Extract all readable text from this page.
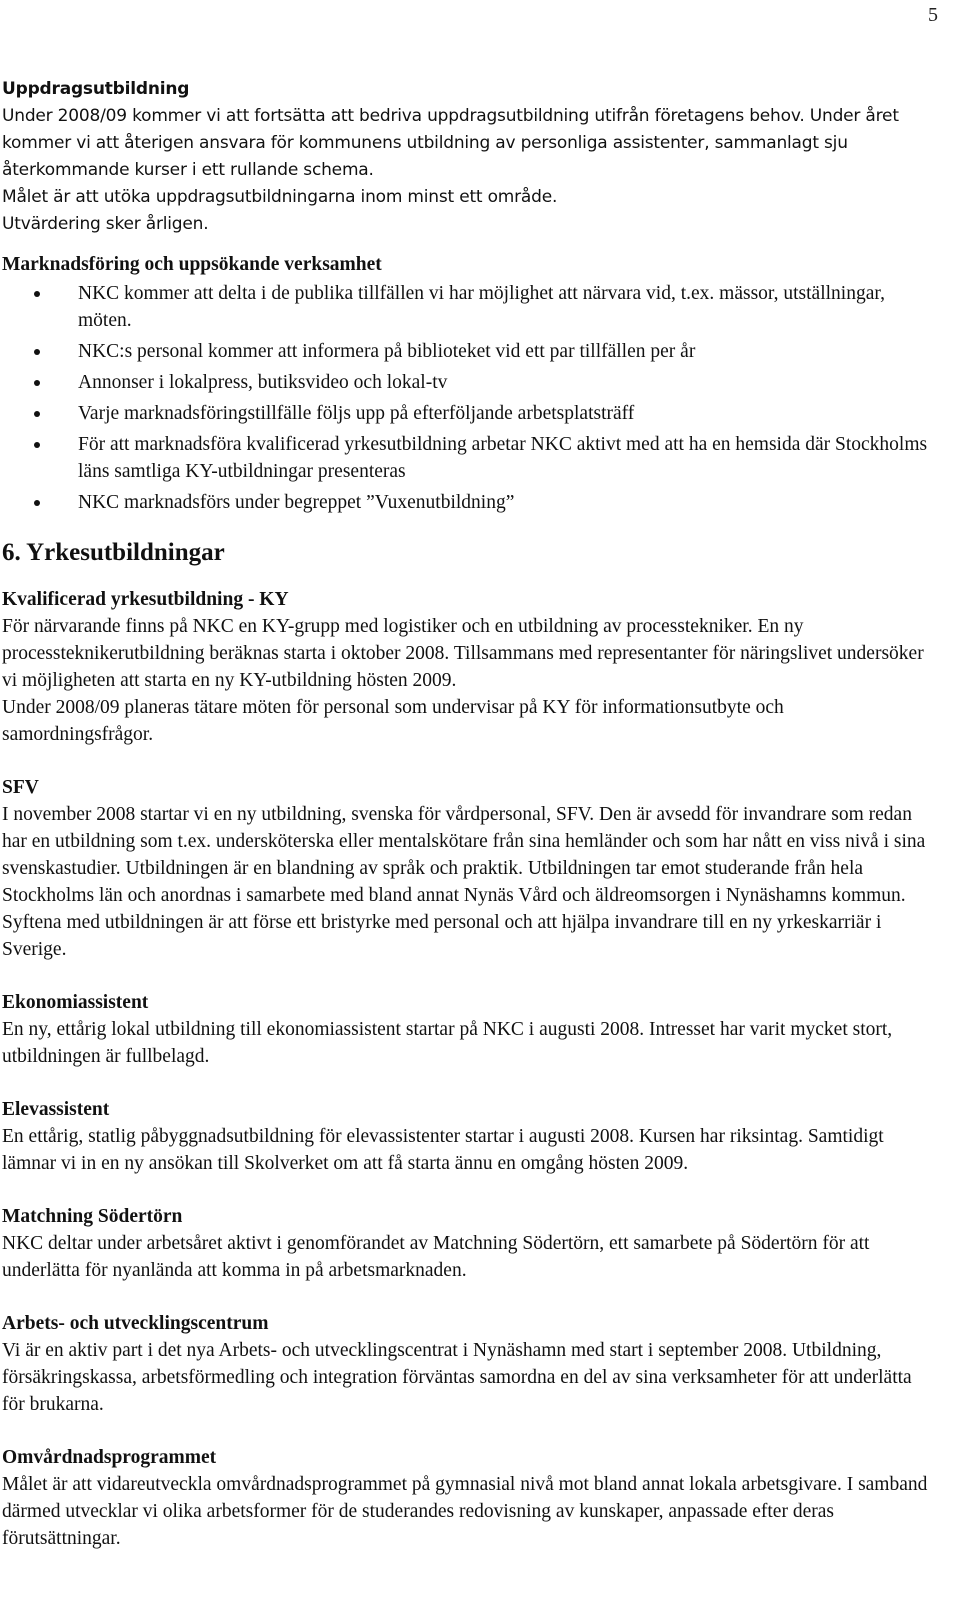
5
Uppdragsutbildning

Under 2008/09 kommer vi att fortsätta att bedriva uppdragsutbildning utifrån företagens behov. Under året kommer vi att återigen ansvara för kommunens utbildning av personliga assistenter, sammanlagt sju återkommande kurser i ett rullande schema.

Målet är att utöka uppdragsutbildningarna inom minst ett område.

Utvärdering sker årligen.

Marknadsföring och uppsökande verksamhet
NKC kommer att delta i de publika tillfällen vi har möjlighet att närvara vid, t.ex. mässor, utställningar, möten.
NKC:s personal kommer att informera på biblioteket vid ett par tillfällen per år
Annonser i lokalpress, butiksvideo och lokal-tv
Varje marknadsföringstillfälle följs upp på efterföljande arbetsplatsträff
För att marknadsföra kvalificerad yrkesutbildning arbetar NKC aktivt med att ha en hemsida där Stockholms läns samtliga KY-utbildningar presenteras
NKC marknadsförs under begreppet ”Vuxenutbildning”
6. Yrkesutbildningar
Kvalificerad yrkesutbildning - KY

För närvarande finns på NKC en KY-grupp med logistiker och en utbildning av processtekniker. En ny processteknikerutbildning beräknas starta i oktober 2008. Tillsammans med representanter för näringslivet undersöker vi möjligheten att starta en ny KY-utbildning hösten 2009.

Under 2008/09 planeras tätare möten för personal som undervisar på KY för informationsutbyte och samordningsfrågor.

SFV

I november 2008 startar vi en ny utbildning, svenska för vårdpersonal, SFV. Den är avsedd för invandrare som redan har en utbildning som t.ex. undersköterska eller mentalskötare från sina hemländer och som har nått en viss nivå i sina svenskastudier. Utbildningen är en blandning av språk och praktik. Utbildningen tar emot studerande från hela Stockholms län och anordnas i samarbete med bland annat Nynäs Vård och äldreomsorgen i Nynäshamns kommun. Syftena med utbildningen är att förse ett bristyrke med personal och att hjälpa invandrare till en ny yrkeskarriär i Sverige.

Ekonomiassistent

En ny, ettårig lokal utbildning till ekonomiassistent startar på NKC i augusti 2008. Intresset har varit mycket stort, utbildningen är fullbelagd.

Elevassistent

En ettårig, statlig påbyggnadsutbildning för elevassistenter startar i augusti 2008. Kursen har riksintag. Samtidigt lämnar vi in en ny ansökan till Skolverket om att få starta ännu en omgång hösten 2009.

Matchning Södertörn

NKC deltar under arbetsåret aktivt i genomförandet av Matchning Södertörn, ett samarbete på Södertörn för att underlätta för nyanlända att komma in på arbetsmarknaden.

Arbets- och utvecklingscentrum

Vi är en aktiv part i det nya Arbets- och utvecklingscentrat i Nynäshamn med start i september 2008. Utbildning, försäkringskassa, arbetsförmedling och integration förväntas samordna en del av sina verksamheter för att underlätta för brukarna.

Omvårdnadsprogrammet

Målet är att vidareutveckla omvårdnadsprogrammet på gymnasial nivå mot bland annat lokala arbetsgivare. I samband därmed utvecklar vi olika arbetsformer för de studerandes redovisning av kunskaper, anpassade efter deras förutsättningar.
